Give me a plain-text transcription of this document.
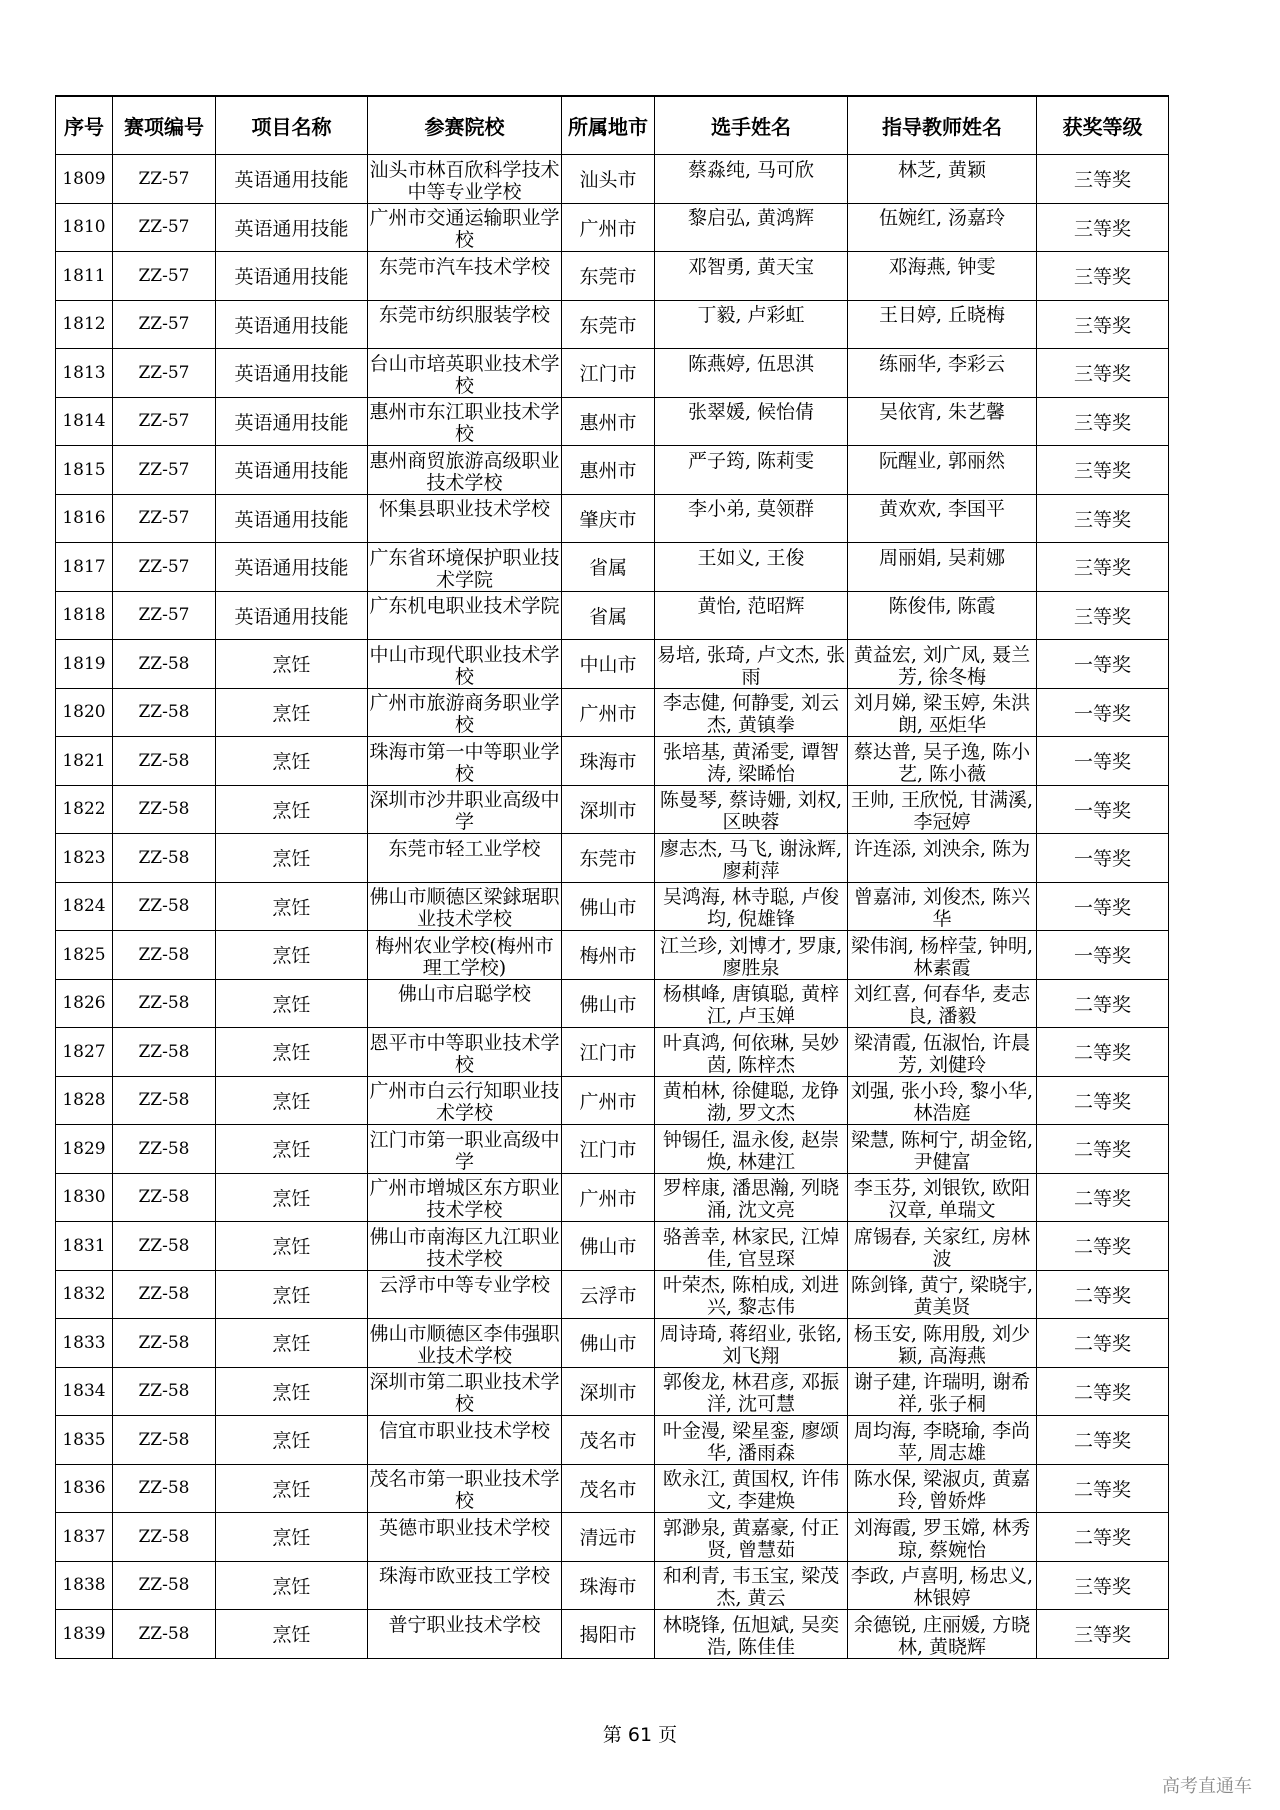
序号	赛项编号	项目名称	参赛院校	所属地市	选手姓名	指导教师姓名	获奖等级

1809	ZZ-57	英语通用技能	汕头市林百欣科学技术中等专业学校	汕头市	蔡淼纯, 马可欣	林芝, 黄颖	三等奖

1810	ZZ-57	英语通用技能	广州市交通运输职业学校	广州市	黎启弘, 黄鸿辉	伍婉红, 汤嘉玲	三等奖

1811	ZZ-57	英语通用技能	东莞市汽车技术学校	东莞市	邓智勇, 黄天宝	邓海燕, 钟雯	三等奖

1812	ZZ-57	英语通用技能	东莞市纺织服装学校	东莞市	丁毅, 卢彩虹	王日婷, 丘晓梅	三等奖

1813	ZZ-57	英语通用技能	台山市培英职业技术学校	江门市	陈燕婷, 伍思淇	练丽华, 李彩云	三等奖

1814	ZZ-57	英语通用技能	惠州市东江职业技术学校	惠州市	张翠媛, 候怡倩	吴依宵, 朱艺馨	三等奖

1815	ZZ-57	英语通用技能	惠州商贸旅游高级职业技术学校	惠州市	严子筠, 陈莉雯	阮醒业, 郭丽然	三等奖

1816	ZZ-57	英语通用技能	怀集县职业技术学校	肇庆市	李小弟, 莫领群	黄欢欢, 李国平	三等奖

1817	ZZ-57	英语通用技能	广东省环境保护职业技术学院	省属	王如义, 王俊	周丽娟, 吴莉娜	三等奖

1818	ZZ-57	英语通用技能	广东机电职业技术学院	省属	黄怡, 范昭辉	陈俊伟, 陈霞	三等奖

1819	ZZ-58	烹饪	中山市现代职业技术学校	中山市	易培, 张琦, 卢文杰, 张雨	黄益宏, 刘广凤, 聂兰芳, 徐冬梅	一等奖

1820	ZZ-58	烹饪	广州市旅游商务职业学校	广州市	李志健, 何静雯, 刘云杰, 黄镇拳	刘月娣, 梁玉婷, 朱洪朗, 巫炬华	一等奖

1821	ZZ-58	烹饪	珠海市第一中等职业学校	珠海市	张培基, 黄浠雯, 谭智涛, 梁睎怡	蔡达普, 吴子逸, 陈小艺, 陈小薇	一等奖

1822	ZZ-58	烹饪	深圳市沙井职业高级中学	深圳市	陈曼琴, 蔡诗姗, 刘权, 区映蓉	王帅, 王欣悦, 甘满溪, 李冠婷	一等奖

1823	ZZ-58	烹饪	东莞市轻工业学校	东莞市	廖志杰, 马飞, 谢泳辉, 廖莉萍	许连添, 刘泱余, 陈为	一等奖

1824	ZZ-58	烹饪	佛山市顺德区梁銶琚职业技术学校	佛山市	吴鸿海, 林寺聪, 卢俊均, 倪雄锋	曾嘉沛, 刘俊杰, 陈兴华	一等奖

1825	ZZ-58	烹饪	梅州农业学校(梅州市理工学校)	梅州市	江兰珍, 刘博才, 罗康, 廖胜泉	梁伟润, 杨梓莹, 钟明, 林素霞	一等奖

1826	ZZ-58	烹饪	佛山市启聪学校	佛山市	杨棋峰, 唐镇聪, 黄梓江, 卢玉婵	刘红喜, 何春华, 麦志良, 潘毅	二等奖

1827	ZZ-58	烹饪	恩平市中等职业技术学校	江门市	叶真鸿, 何依琳, 吴妙茵, 陈梓杰	梁清霞, 伍淑怡, 许晨芳, 刘健玲	二等奖

1828	ZZ-58	烹饪	广州市白云行知职业技术学校	广州市	黄柏林, 徐健聪, 龙铮渤, 罗文杰	刘强, 张小玲, 黎小华, 林浩庭	二等奖

1829	ZZ-58	烹饪	江门市第一职业高级中学	江门市	钟锡任, 温永俊, 赵崇焕, 林建江	梁慧, 陈柯宁, 胡金铭, 尹健富	二等奖

1830	ZZ-58	烹饪	广州市增城区东方职业技术学校	广州市	罗梓康, 潘思瀚, 列晓涌, 沈文亮	李玉芬, 刘银钦, 欧阳汉章, 单瑞文	二等奖

1831	ZZ-58	烹饪	佛山市南海区九江职业技术学校	佛山市	骆善幸, 林家民, 江焯佳, 官昱琛	席锡春, 关家红, 房林波	二等奖

1832	ZZ-58	烹饪	云浮市中等专业学校	云浮市	叶荣杰, 陈柏成, 刘进兴, 黎志伟	陈剑锋, 黄宁, 梁晓宇, 黄美贤	二等奖

1833	ZZ-58	烹饪	佛山市顺德区李伟强职业技术学校	佛山市	周诗琦, 蒋绍业, 张铭, 刘飞翔	杨玉安, 陈用殷, 刘少颖, 高海燕	二等奖

1834	ZZ-58	烹饪	深圳市第二职业技术学校	深圳市	郭俊龙, 林君彦, 邓振洋, 沈可慧	谢子建, 许瑞明, 谢希祥, 张子桐	二等奖

1835	ZZ-58	烹饪	信宜市职业技术学校	茂名市	叶金漫, 梁星銮, 廖颂华, 潘雨森	周均海, 李晓瑜, 李尚苹, 周志雄	二等奖

1836	ZZ-58	烹饪	茂名市第一职业技术学校	茂名市	欧永江, 黄国权, 许伟文, 李建焕	陈水保, 梁淑贞, 黄嘉玲, 曾娇烨	二等奖

1837	ZZ-58	烹饪	英德市职业技术学校	清远市	郭渺泉, 黄嘉豪, 付正贤, 曾慧茹	刘海霞, 罗玉嫦, 林秀琼, 蔡婉怡	二等奖

1838	ZZ-58	烹饪	珠海市欧亚技工学校	珠海市	和利青, 韦玉宝, 梁茂杰, 黄云	李政, 卢喜明, 杨忠义, 林银婷	三等奖

1839	ZZ-58	烹饪	普宁职业技术学校	揭阳市	林晓锋, 伍旭斌, 吴奕浩, 陈佳佳	余德锐, 庄丽媛, 方晓林, 黄晓辉	三等奖
第 61 页
高考直通车
